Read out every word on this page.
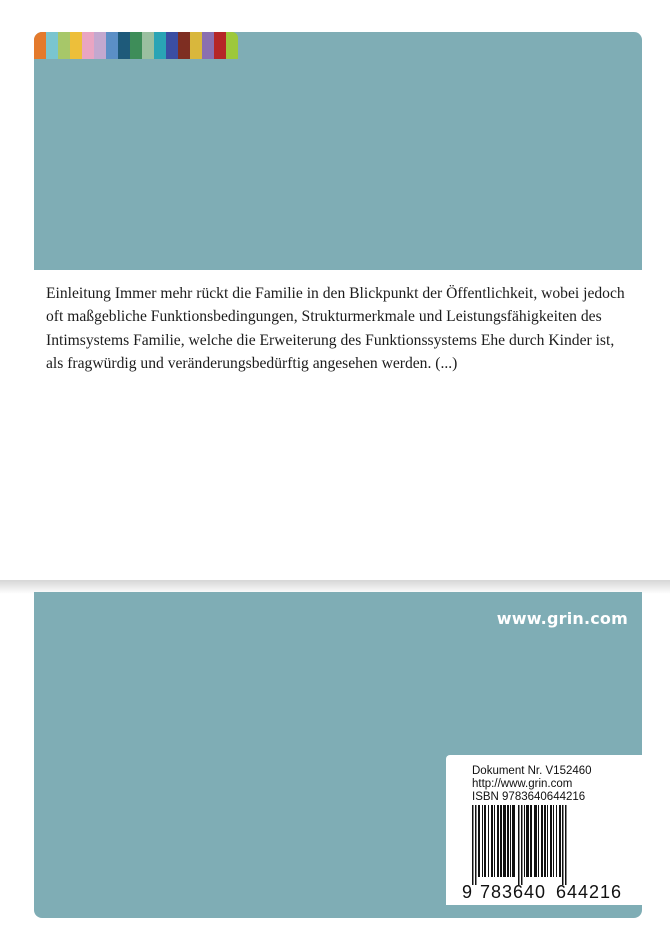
Einleitung Immer mehr rückt die Familie in den Blickpunkt der Öffentlichkeit, wobei jedoch oft maßgebliche Funktionsbedingungen, Strukturmerkmale und Leistungsfähigkeiten des Intimsystems Familie, welche die Erweiterung des Funktionssystems Ehe durch Kinder ist, als fragwürdig und veränderungsbedürftig angesehen werden. (...)

www.grin.com

Dokument Nr. V152460
http://www.grin.com
ISBN 9783640644216
9 783640 644216
